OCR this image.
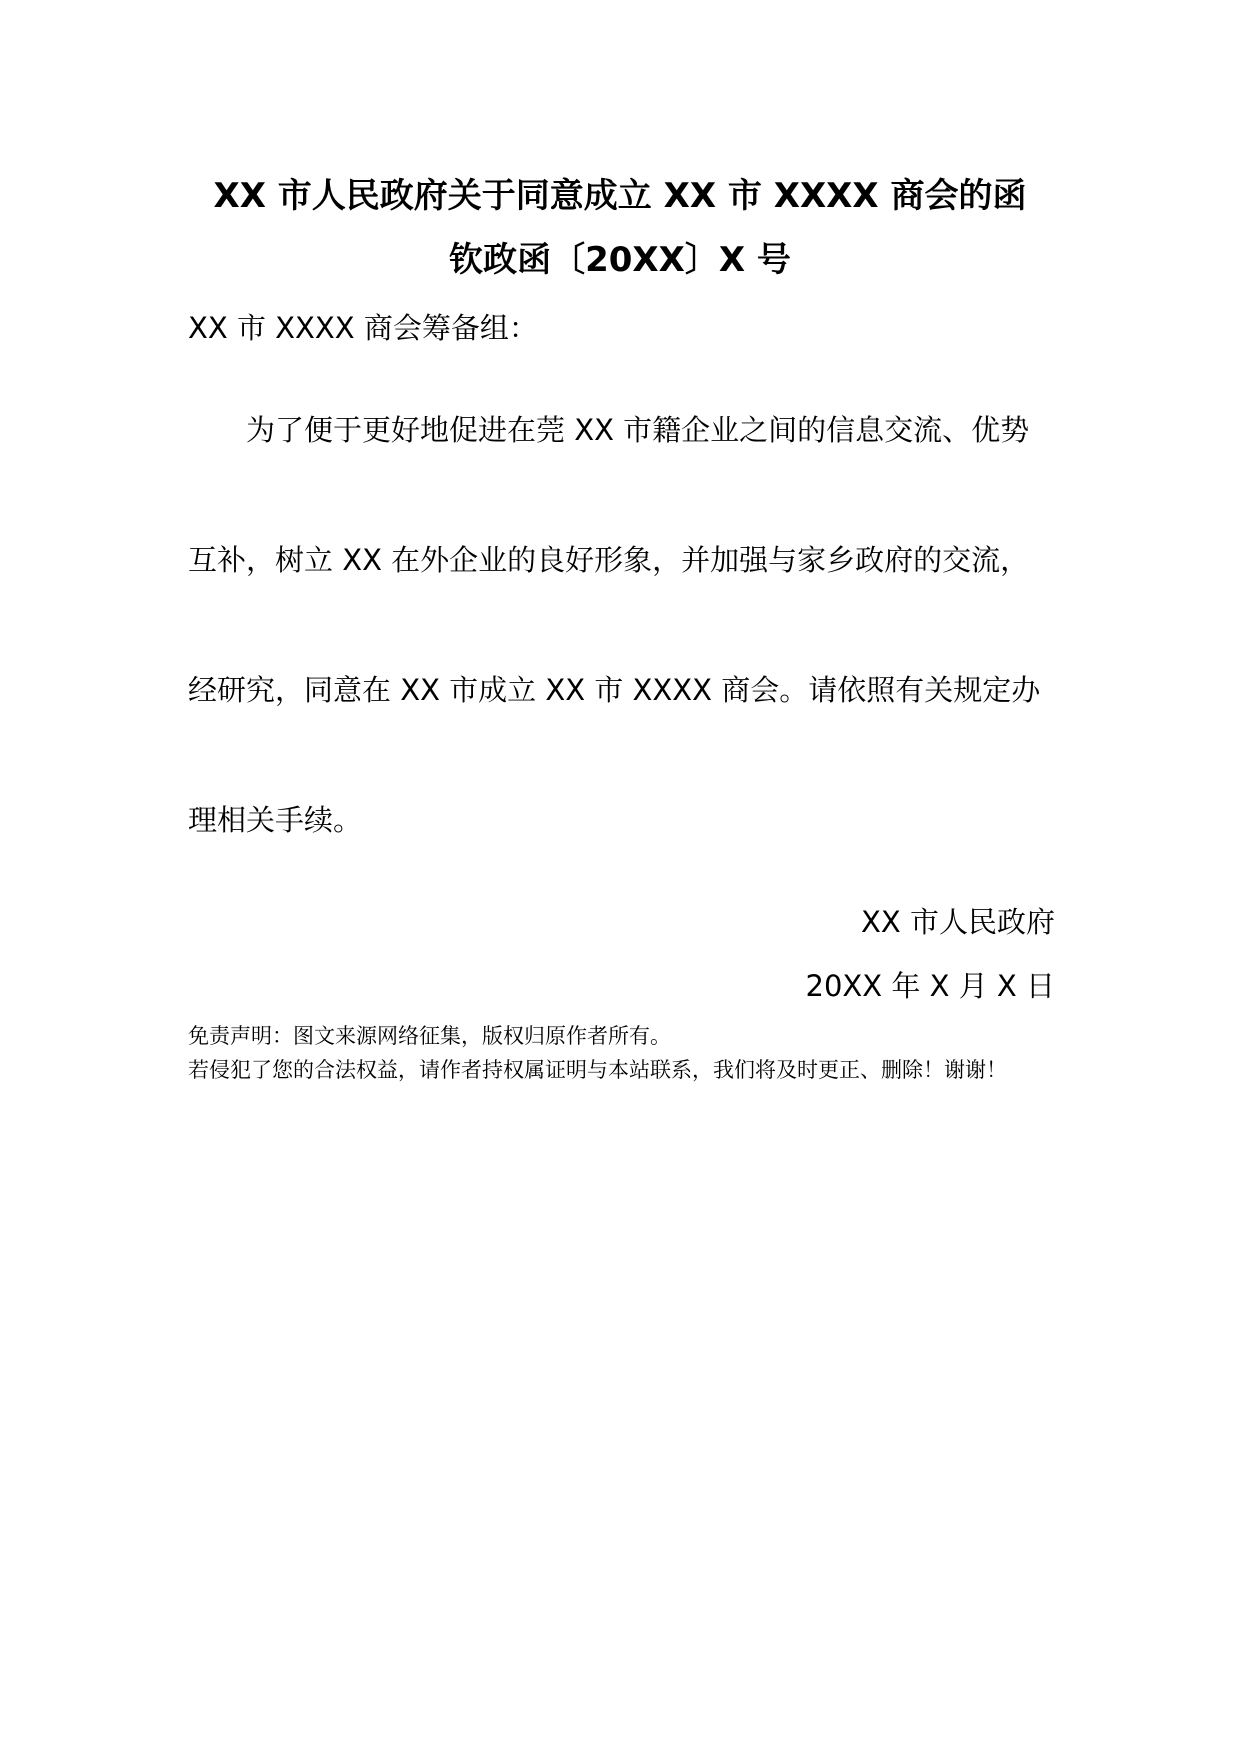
XX 市人民政府关于同意成立 XX 市 XXXX 商会的函
钦政函〔20XX〕X 号
XX 市 XXXX 商会筹备组：
为了便于更好地促进在莞 XX 市籍企业之间的信息交流、优势
互补，树立 XX 在外企业的良好形象，并加强与家乡政府的交流，
经研究，同意在 XX 市成立 XX 市 XXXX 商会。请依照有关规定办
理相关手续。
XX 市人民政府
20XX 年 X 月 X 日
免责声明：图文来源网络征集，版权归原作者所有。
若侵犯了您的合法权益，请作者持权属证明与本站联系，我们将及时更正、删除！谢谢！
